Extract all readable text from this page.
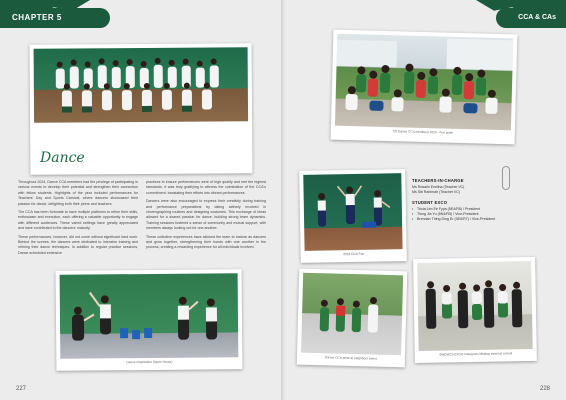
CHAPTER 5
Dance

Throughout 2024, Dance CCA members had the privilege of participating in various events to develop their potential and strengthen their connection with fellow students. Highlights of the year included performances for Teachers' Day and Sports Carnival, where dancers showcased their passion for dance, delighting both their peers and teachers.

The CCA has been fortunate to have multiple platforms to refine their skills, enthusiasm and execution, each offering a valuable opportunity to engage with different audiences. These varied settings have greatly appreciated and have contributed to the dancers' maturity.

These performances, however, did not come without significant hard work. Behind the scenes, the dancers were dedicated to intensive training and refining their dance techniques. In addition to regular practice sessions, Dance scheduled extensive

practices to ensure performances were of high quality and met the highest standards. It was truly gratifying to witness the culmination of the CCA's commitment, translating their efforts into vibrant performances.

Dancers were also encouraged to express their creativity during training and performance preparations by taking actively involved in choreographing routines and designing costumes. This exchange of ideas allowed for a shared passion for dance, building strong team dynamics. Training sessions fostered a sense of community and mutual support, with members always looking out for one another.

These collective experiences have allowed the team to mature as dancers and grow together, strengthening their bonds with one another in the process, creating a rewarding experience for all individuals involved.

Dance Orientation (Open house)
227
CCA & CAs
SS Dance CCA members 2024 - Fun pose
2024 CCA Fair
TEACHERS-IN-CHARGE
Ms Rosalin Evelina (Teacher I/C)
Ms Siti Rahimah (Teacher I/C)
STUDENT EXCO
• Tricia Lim Ee Fyya (5E4/R5) / President
• Tiong Jia Yu (5N4/R5) / Vice-President
• Brendan Thing Ding Er (3E6/R7) / Vice-President
Dance CCA pose at neighbour event
SWDHCS EXCO Instagram Meetup event at school
228
